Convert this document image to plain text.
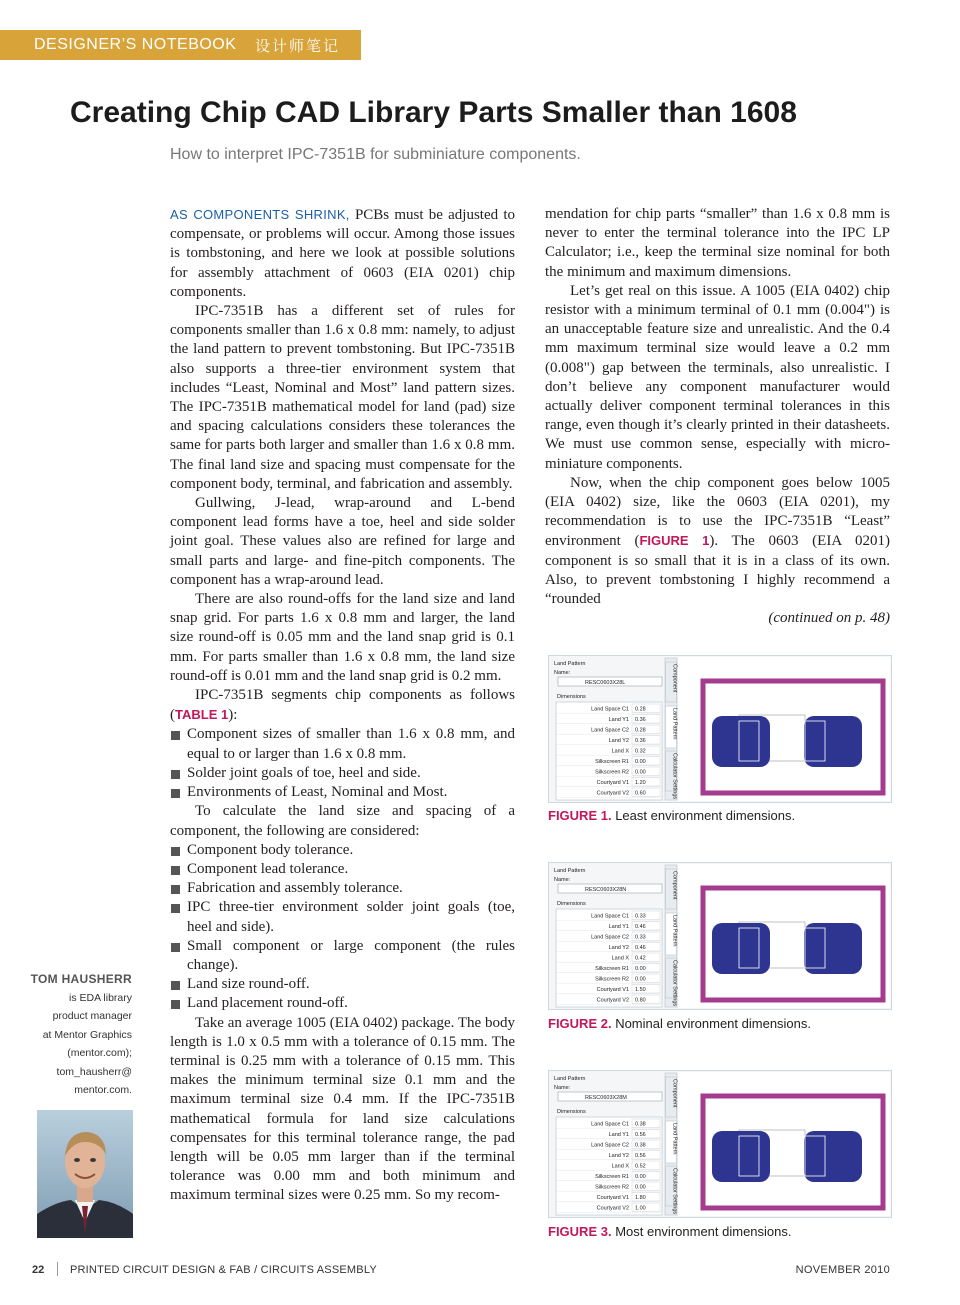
DESIGNER’S NOTEBOOK	设计师笔记
Creating Chip CAD Library Parts Smaller than 1608
How to interpret IPC-7351B for subminiature components.

AS COMPONENTS SHRINK, PCBs must be adjusted to compensate, or problems will occur. Among those issues is tombstoning, and here we look at possible solutions for assembly attachment of 0603 (EIA 0201) chip components.

IPC-7351B has a different set of rules for components smaller than 1.6 x 0.8 mm: namely, to adjust the land pattern to prevent tombstoning. But IPC-7351B also supports a three-tier environment system that includes “Least, Nominal and Most” land pattern sizes. The IPC-7351B mathematical model for land (pad) size and spacing calculations considers these tolerances the same for parts both larger and smaller than 1.6 x 0.8 mm. The final land size and spacing must compensate for the component body, terminal, and fabrication and assembly.

Gullwing, J-lead, wrap-around and L-bend component lead forms have a toe, heel and side solder joint goal. These values also are refined for large and small parts and large- and fine-pitch components. The component has a wrap-around lead.

There are also round-offs for the land size and land snap grid. For parts 1.6 x 0.8 mm and larger, the land size round-off is 0.05 mm and the land snap grid is 0.1 mm. For parts smaller than 1.6 x 0.8 mm, the land size round-off is 0.01 mm and the land snap grid is 0.2 mm.

IPC-7351B segments chip components as follows (TABLE 1):

Component sizes of smaller than 1.6 x 0.8 mm, and equal to or larger than 1.6 x 0.8 mm.
Solder joint goals of toe, heel and side.
Environments of Least, Nominal and Most.

To calculate the land size and spacing of a component, the following are considered:

Component body tolerance.
Component lead tolerance.
Fabrication and assembly tolerance.
IPC three-tier environment solder joint goals (toe, heel and side).
Small component or large component (the rules change).
Land size round-off.
Land placement round-off.

Take an average 1005 (EIA 0402) package. The body length is 1.0 x 0.5 mm with a tolerance of 0.15 mm. The terminal is 0.25 mm with a tolerance of 0.15 mm. This makes the minimum terminal size 0.1 mm and the maximum terminal size 0.4 mm. If the IPC-7351B mathematical formula for land size calculations compensates for this terminal tolerance range, the pad length will be 0.05 mm larger than if the terminal tolerance was 0.00 mm and both minimum and maximum terminal sizes were 0.25 mm. So my recom-

mendation for chip parts “smaller” than 1.6 x 0.8 mm is never to enter the terminal tolerance into the IPC LP Calculator; i.e., keep the terminal size nominal for both the minimum and maximum dimensions.

Let’s get real on this issue. A 1005 (EIA 0402) chip resistor with a minimum terminal of 0.1 mm (0.004") is an unacceptable feature size and unrealistic. And the 0.4 mm maximum terminal size would leave a 0.2 mm (0.008") gap between the terminals, also unrealistic. I don’t believe any component manufacturer would actually deliver component terminal tolerances in this range, even though it’s clearly printed in their datasheets. We must use common sense, especially with micro-miniature components.

Now, when the chip component goes below 1005 (EIA 0402) size, like the 0603 (EIA 0201), my recommendation is to use the IPC-7351B “Least” environment (FIGURE 1). The 0603 (EIA 0201) component is so small that it is in a class of its own. Also, to prevent tombstoning I highly recommend a “rounded

(continued on p. 48)

TOM HAUSHERR
is EDA library
product manager
at Mentor Graphics
(mentor.com);
tom_hausherr@
mentor.com.
Land Pattern
Name:
RESC0603X28L
Dimensions
Land Space C1 0.28
Land Y1 0.36
Land Space C2 0.28
Land Y2 0.36
Land X 0.32
Silkscreen R1 0.00
Silkscreen R2 0.00
Courtyard V1 1.20
Courtyard V2 0.60
Component
Land Pattern
Calculator Settings
Land Pattern
Name:
RESC0603X28N
Dimensions
Land Space C1 0.33
Land Y1 0.46
Land Space C2 0.33
Land Y2 0.46
Land X 0.42
Silkscreen R1 0.00
Silkscreen R2 0.00
Courtyard V1 1.50
Courtyard V2 0.80
Component
Land Pattern
Calculator Settings
Land Pattern
Name:
RESC0603X28M
Dimensions
Land Space C1 0.38
Land Y1 0.56
Land Space C2 0.38
Land Y2 0.56
Land X 0.52
Silkscreen R1 0.00
Silkscreen R2 0.00
Courtyard V1 1.80
Courtyard V2 1.00
Component
Land Pattern
Calculator Settings
FIGURE 1. Least environment dimensions.
FIGURE 2. Nominal environment dimensions.
FIGURE 3. Most environment dimensions.
22 PRINTED CIRCUIT DESIGN & FAB / CIRCUITS ASSEMBLY	NOVEMBER 2010
